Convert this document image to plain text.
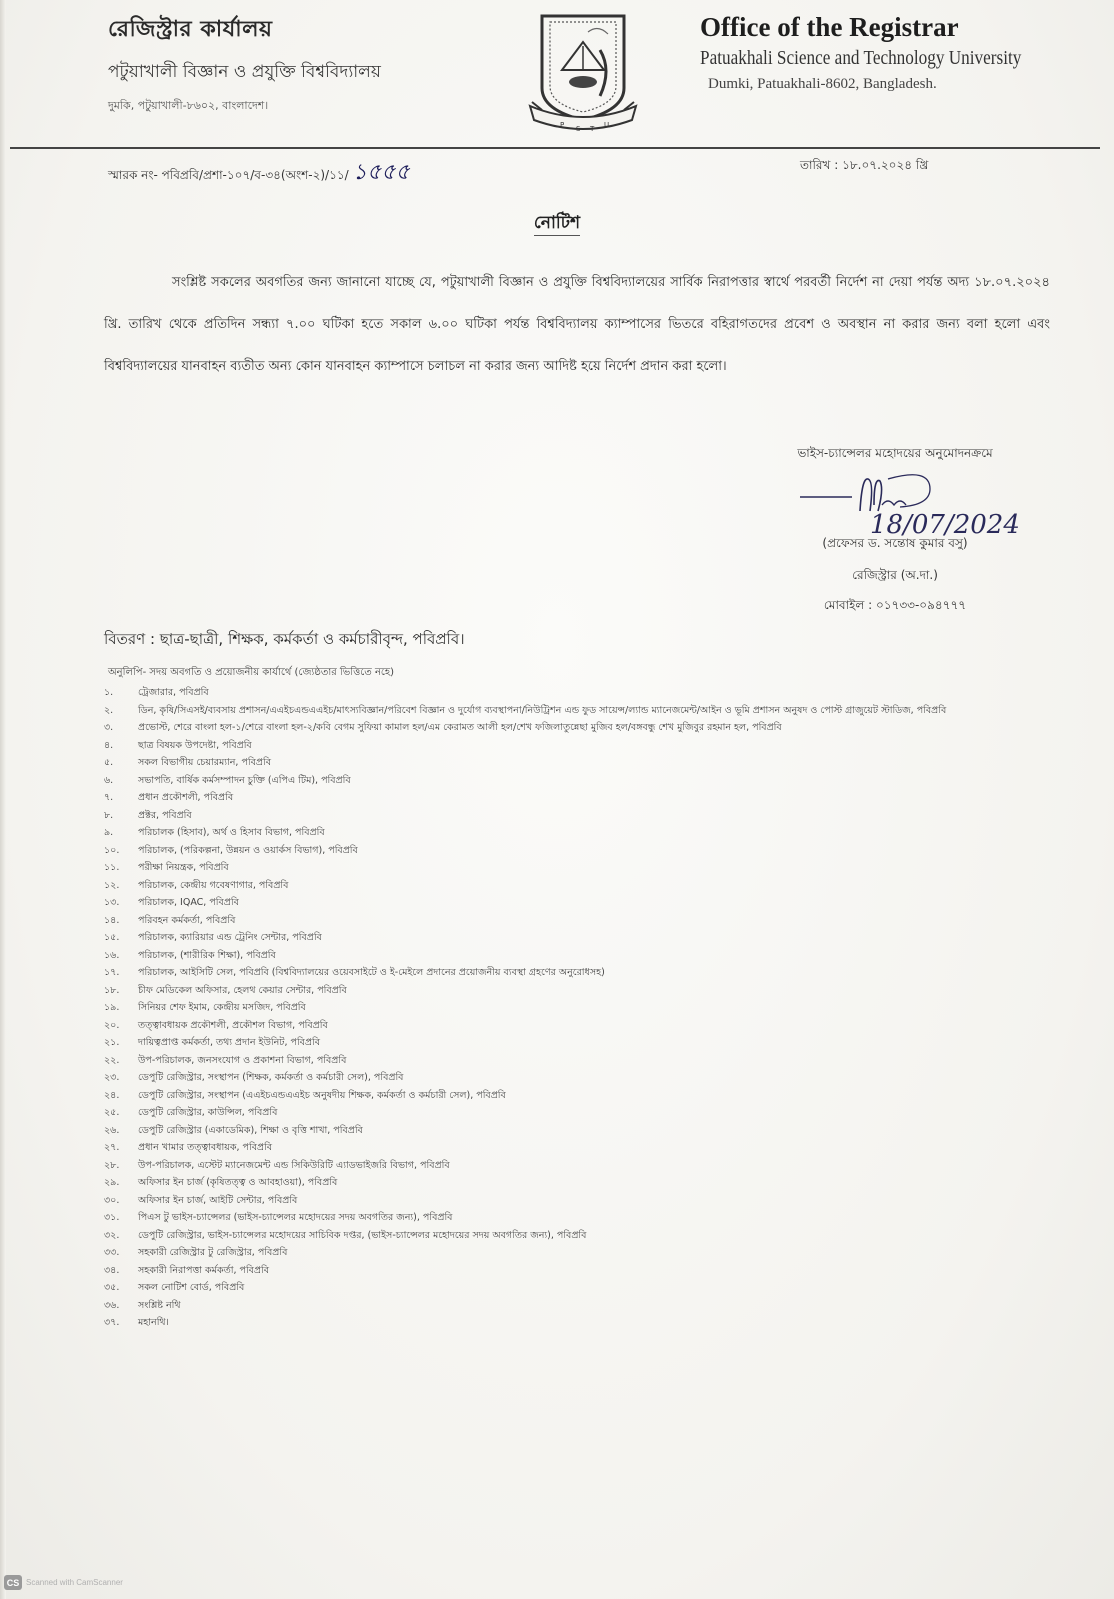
রেজিস্ট্রার কার্যালয়
পটুয়াখালী বিজ্ঞান ও প্রযুক্তি বিশ্ববিদ্যালয়
দুমকি, পটুয়াখালী-৮৬০২, বাংলাদেশ।
P S T U
Office of the Registrar
Patuakhali Science and Technology University
Dumki, Patuakhali-8602, Bangladesh.
স্মারক নং- পবিপ্রবি/প্রশা-১০৭/ব-৩৪(অংশ-২)/১১/ ১৫৫৫	তারিখ : ১৮.০৭.২০২৪ খ্রি
নোটিশ
সংশ্লিষ্ট সকলের অবগতির জন্য জানানো যাচ্ছে যে, পটুয়াখালী বিজ্ঞান ও প্রযুক্তি বিশ্ববিদ্যালয়ের সার্বিক নিরাপত্তার স্বার্থে পরবর্তী নির্দেশ না দেয়া পর্যন্ত অদ্য ১৮.০৭.২০২৪ খ্রি. তারিখ থেকে প্রতিদিন সন্ধ্যা ৭.০০ ঘটিকা হতে সকাল ৬.০০ ঘটিকা পর্যন্ত বিশ্ববিদ্যালয় ক্যাম্পাসের ভিতরে বহিরাগতদের প্রবেশ ও অবস্থান না করার জন্য বলা হলো এবং বিশ্ববিদ্যালয়ের যানবাহন ব্যতীত অন্য কোন যানবাহন ক্যাম্পাসে চলাচল না করার জন্য আদিষ্ট হয়ে নির্দেশ প্রদান করা হলো।
ভাইস-চ্যান্সেলর মহোদয়ের অনুমোদনক্রমে
18/07/2024
(প্রফেসর ড. সন্তোষ কুমার বসু)
রেজিস্ট্রার (অ.দা.)
মোবাইল : ০১৭৩৩-০৯৪৭৭৭
বিতরণ : ছাত্র-ছাত্রী, শিক্ষক, কর্মকর্তা ও কর্মচারীবৃন্দ, পবিপ্রবি।
অনুলিপি- সদয় অবগতি ও প্রয়োজনীয় কার্যার্থে (জ্যেষ্ঠতার ভিত্তিতে নহে)
১.	ট্রেজারার, পবিপ্রবি
২.	ডিন, কৃষি/সিএসই/ব্যবসায় প্রশাসন/এএইচএন্ডএএইচ/মাৎস্যবিজ্ঞান/পরিবেশ বিজ্ঞান ও দুর্যোগ ব্যবস্থাপনা/নিউট্রিশন এন্ড ফুড সায়েন্স/ল্যান্ড ম্যানেজমেন্ট/আইন ও ভূমি প্রশাসন অনুষদ ও পোস্ট গ্রাজুয়েট স্টাডিজ, পবিপ্রবি
৩.	প্রভোস্ট, শেরে বাংলা হল-১/শেরে বাংলা হল-২/কবি বেগম সুফিয়া কামাল হল/এম কেরামত আলী হল/শেখ ফজিলাতুন্নেছা মুজিব হল/বঙ্গবন্ধু শেখ মুজিবুর রহমান হল, পবিপ্রবি
৪.	ছাত্র বিষয়ক উপদেষ্টা, পবিপ্রবি
৫.	সকল বিভাগীয় চেয়ারম্যান, পবিপ্রবি
৬.	সভাপতি, বার্ষিক কর্মসম্পাদন চুক্তি (এপিএ টিম), পবিপ্রবি
৭.	প্রধান প্রকৌশলী, পবিপ্রবি
৮.	প্রক্টর, পবিপ্রবি
৯.	পরিচালক (হিসাব), অর্থ ও হিসাব বিভাগ, পবিপ্রবি
১০.	পরিচালক, (পরিকল্পনা, উন্নয়ন ও ওয়ার্কস বিভাগ), পবিপ্রবি
১১.	পরীক্ষা নিয়ন্ত্রক, পবিপ্রবি
১২.	পরিচালক, কেন্দ্রীয় গবেষণাগার, পবিপ্রবি
১৩.	পরিচালক, IQAC, পবিপ্রবি
১৪.	পরিবহন কর্মকর্তা, পবিপ্রবি
১৫.	পরিচালক, ক্যারিয়ার এন্ড ট্রেনিং সেন্টার, পবিপ্রবি
১৬.	পরিচালক, (শারীরিক শিক্ষা), পবিপ্রবি
১৭.	পরিচালক, আইসিটি সেল, পবিপ্রবি (বিশ্ববিদ্যালয়ের ওয়েবসাইটে ও ই-মেইলে প্রদানের প্রয়োজনীয় ব্যবস্থা গ্রহণের অনুরোধসহ)
১৮.	চীফ মেডিকেল অফিসার, হেলথ কেয়ার সেন্টার, পবিপ্রবি
১৯.	সিনিয়র শেফ ইমাম, কেন্দ্রীয় মসজিদ, পবিপ্রবি
২০.	তত্ত্বাবধায়ক প্রকৌশলী, প্রকৌশল বিভাগ, পবিপ্রবি
২১.	দায়িত্বপ্রাপ্ত কর্মকর্তা, তথ্য প্রদান ইউনিট, পবিপ্রবি
২২.	উপ-পরিচালক, জনসংযোগ ও প্রকাশনা বিভাগ, পবিপ্রবি
২৩.	ডেপুটি রেজিস্ট্রার, সংস্থাপন (শিক্ষক, কর্মকর্তা ও কর্মচারী সেল), পবিপ্রবি
২৪.	ডেপুটি রেজিস্ট্রার, সংস্থাপন (এএইচএন্ডএএইচ অনুষদীয় শিক্ষক, কর্মকর্তা ও কর্মচারী সেল), পবিপ্রবি
২৫.	ডেপুটি রেজিস্ট্রার, কাউন্সিল, পবিপ্রবি
২৬.	ডেপুটি রেজিস্ট্রার (একাডেমিক), শিক্ষা ও বৃত্তি শাখা, পবিপ্রবি
২৭.	প্রধান খামার তত্ত্বাবধায়ক, পবিপ্রবি
২৮.	উপ-পরিচালক, এস্টেট ম্যানেজমেন্ট এন্ড সিকিউরিটি এ্যাডভাইজরি বিভাগ, পবিপ্রবি
২৯.	অফিসার ইন চার্জ (কৃষিতত্ত্ব ও আবহাওয়া), পবিপ্রবি
৩০.	অফিসার ইন চার্জ, আইটি সেন্টার, পবিপ্রবি
৩১.	পিএস টু ভাইস-চ্যান্সেলর (ভাইস-চ্যান্সেলর মহোদয়ের সদয় অবগতির জন্য), পবিপ্রবি
৩২.	ডেপুটি রেজিস্ট্রার, ভাইস-চ্যান্সেলর মহোদয়ের সাচিবিক দপ্তর, (ভাইস-চ্যান্সেলর মহোদয়ের সদয় অবগতির জন্য), পবিপ্রবি
৩৩.	সহকারী রেজিস্ট্রার টু রেজিস্ট্রার, পবিপ্রবি
৩৪.	সহকারী নিরাপত্তা কর্মকর্তা, পবিপ্রবি
৩৫.	সকল নোটিশ বোর্ড, পবিপ্রবি
৩৬.	সংশ্লিষ্ট নথি
৩৭.	মহানথি।
CS Scanned with CamScanner
